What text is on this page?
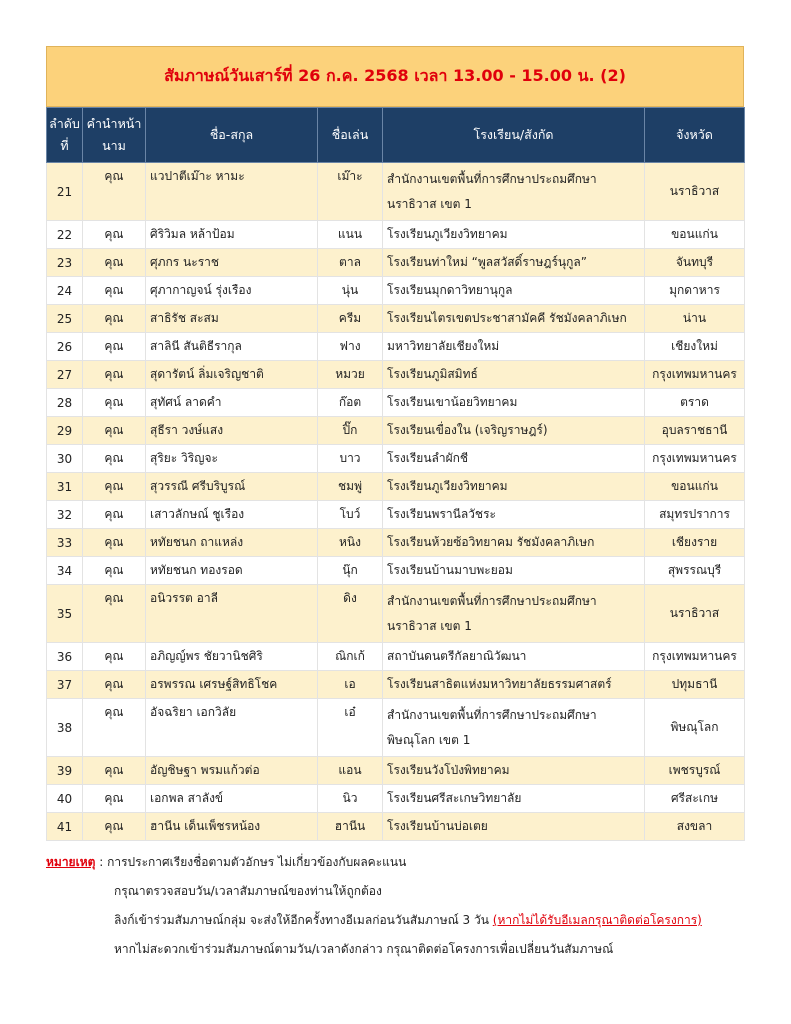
สัมภาษณ์วันเสาร์ที่ 26 ก.ค. 2568 เวลา 13.00 - 15.00 น. (2)
ลำดับที่	คำนำหน้านาม	ชื่อ-สกุล	ชื่อเล่น	โรงเรียน/สังกัด	จังหวัด
21	คุณ	แวปาตีเม๊าะ หามะ	เม๊าะ	สำนักงานเขตพื้นที่การศึกษาประถมศึกษานราธิวาส เขต 1	นราธิวาส
22	คุณ	ศิริวิมล หล้าป้อม	แนน	โรงเรียนภูเวียงวิทยาคม	ขอนแก่น
23	คุณ	ศุภกร นะราช	ตาล	โรงเรียนท่าใหม่ “พูลสวัสดิ์ราษฎร์นุกูล”	จันทบุรี
24	คุณ	ศุภากาญจน์ รุ่งเรือง	นุ่น	โรงเรียนมุกดาวิทยานุกูล	มุกดาหาร
25	คุณ	สาธิรัช สะสม	ครีม	โรงเรียนไตรเขตประชาสามัคคี รัชมังคลาภิเษก	น่าน
26	คุณ	สาลินี สันติธีรากุล	ฟาง	มหาวิทยาลัยเชียงใหม่	เชียงใหม่
27	คุณ	สุดารัตน์ ลิ่มเจริญชาติ	หมวย	โรงเรียนภูมิสมิทธ์	กรุงเทพมหานคร
28	คุณ	สุทัศน์ ลาดคำ	ก๊อต	โรงเรียนเขาน้อยวิทยาคม	ตราด
29	คุณ	สุธีรา วงษ์แสง	ปิ๊ก	โรงเรียนเขื่องใน (เจริญราษฎร์)	อุบลราชธานี
30	คุณ	สุริยะ วิริญจะ	บาว	โรงเรียนลำผักชี	กรุงเทพมหานคร
31	คุณ	สุวรรณี ศรีบริบูรณ์	ชมพู่	โรงเรียนภูเวียงวิทยาคม	ขอนแก่น
32	คุณ	เสาวลักษณ์ ชูเรือง	โบว์	โรงเรียนพรานีลวัชระ	สมุทรปราการ
33	คุณ	หทัยชนก ถาแหล่ง	หนิง	โรงเรียนห้วยซ้อวิทยาคม รัชมังคลาภิเษก	เชียงราย
34	คุณ	หทัยชนก ทองรอด	นุ๊ก	โรงเรียนบ้านมาบพะยอม	สุพรรณบุรี
35	คุณ	อนิวรรต อาลี	ดิง	สำนักงานเขตพื้นที่การศึกษาประถมศึกษานราธิวาส เขต 1	นราธิวาส
36	คุณ	อภิญญ์พร ชัยวานิชศิริ	ณิกเก้	สถาบันดนตรีกัลยาณิวัฒนา	กรุงเทพมหานคร
37	คุณ	อรพรรณ เศรษฐ์สิทธิโชค	เอ	โรงเรียนสาธิตแห่งมหาวิทยาลัยธรรมศาสตร์	ปทุมธานี
38	คุณ	อัจฉริยา เอกวิลัย	เอ๋	สำนักงานเขตพื้นที่การศึกษาประถมศึกษาพิษณุโลก เขต 1	พิษณุโลก
39	คุณ	อัญชิษฐา พรมแก้วต่อ	แอน	โรงเรียนวังโป่งพิทยาคม	เพชรบูรณ์
40	คุณ	เอกพล สาลังข์	นิว	โรงเรียนศรีสะเกษวิทยาลัย	ศรีสะเกษ
41	คุณ	ฮานีน เด็นเพ็ชรหน้อง	ฮานีน	โรงเรียนบ้านบ่อเตย	สงขลา
หมายเหตุ : การประกาศเรียงชื่อตามตัวอักษร ไม่เกี่ยวข้องกับผลคะแนน
กรุณาตรวจสอบวัน/เวลาสัมภาษณ์ของท่านให้ถูกต้อง
ลิงก์เข้าร่วมสัมภาษณ์กลุ่ม จะส่งให้อีกครั้งทางอีเมลก่อนวันสัมภาษณ์ 3 วัน (หากไม่ได้รับอีเมลกรุณาติดต่อโครงการ)
หากไม่สะดวกเข้าร่วมสัมภาษณ์ตามวัน/เวลาดังกล่าว กรุณาติดต่อโครงการเพื่อเปลี่ยนวันสัมภาษณ์
